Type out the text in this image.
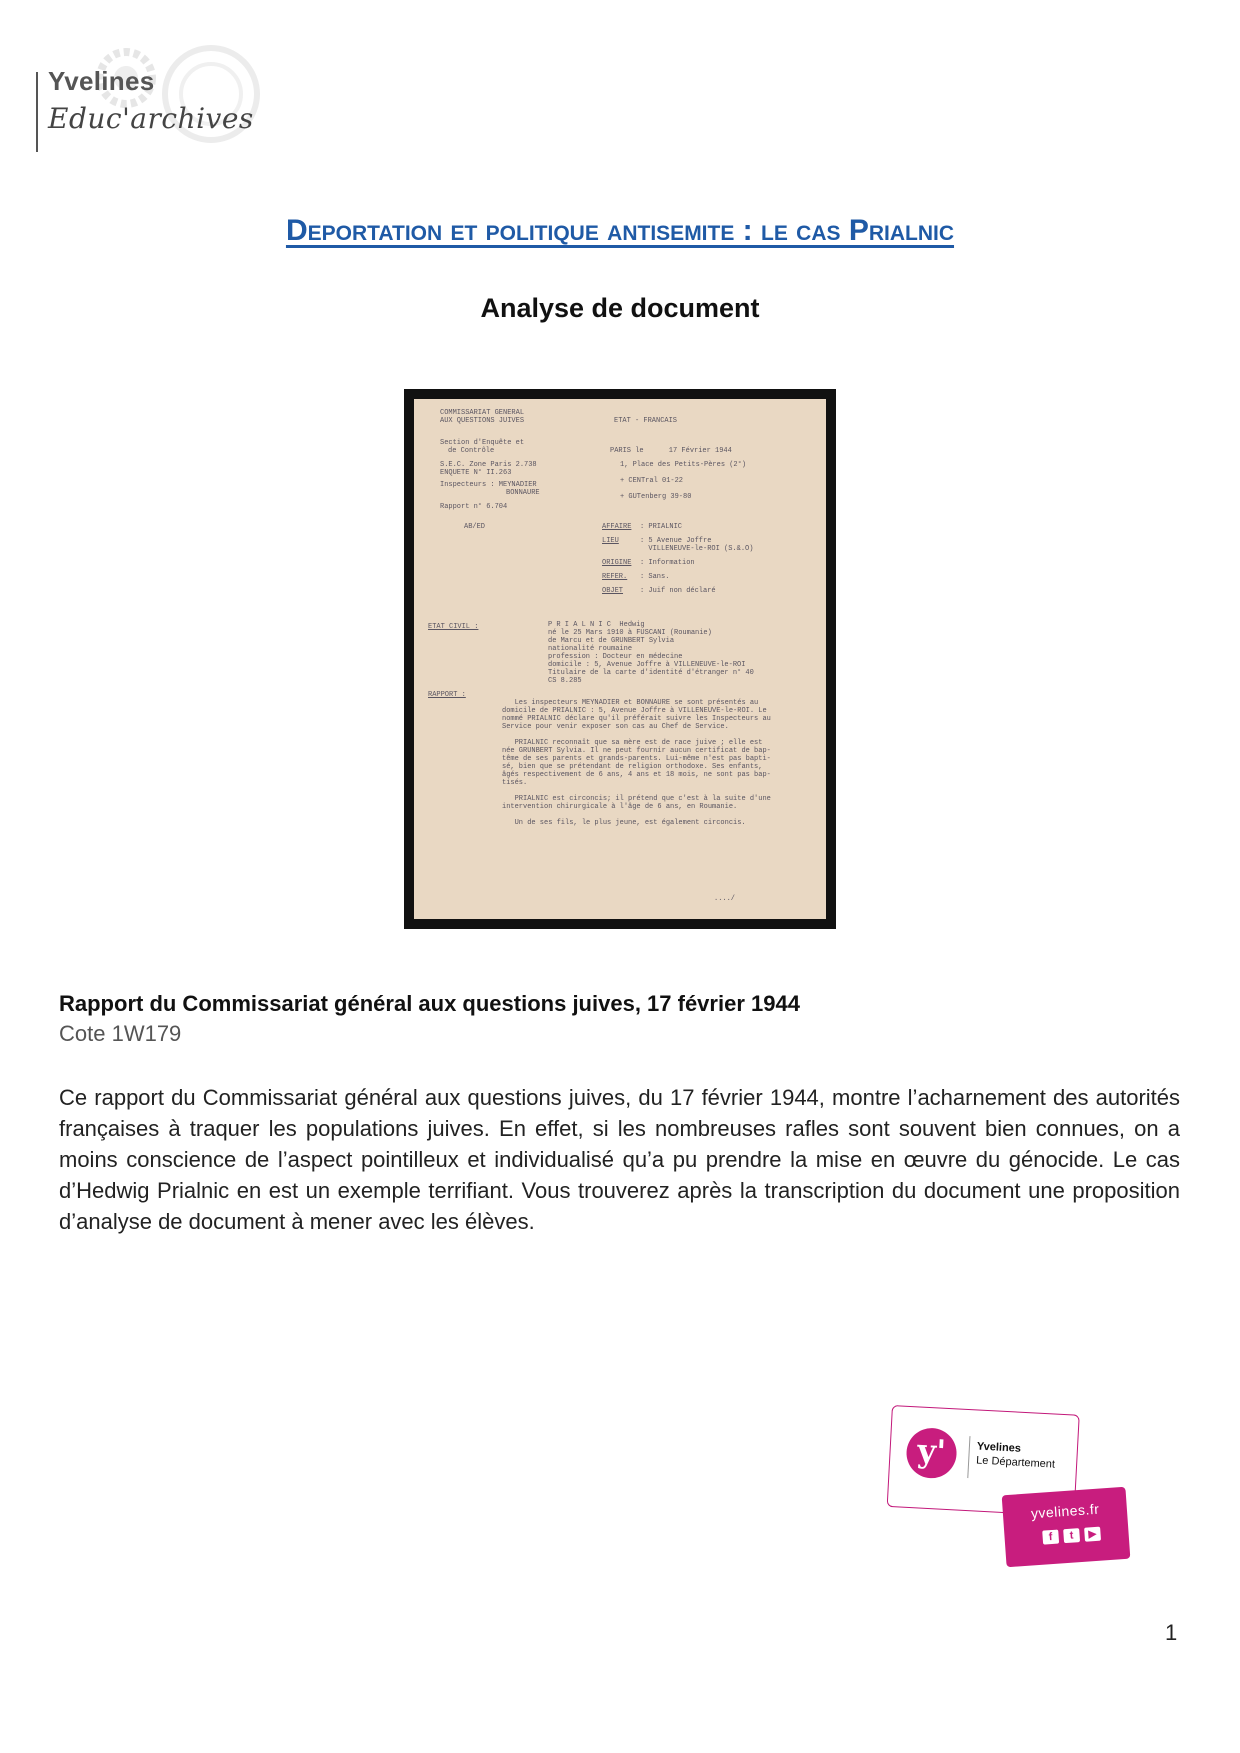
Yvelines
Educ'archives
Deportation et politique antisemite : le cas Prialnic
Analyse de document
COMMISSARIAT GENERAL
AUX QUESTIONS JUIVES
Section d'Enquête et
de Contrôle
S.E.C. Zone Paris 2.738
ENQUETE N° II.263
Inspecteurs : MEYNADIER
BONNAURE
Rapport n° 6.704
AB/ED
ETAT - FRANCAIS
PARIS le      17 Février 1944
1, Place des Petits-Pères (2°)
+ CENTral 01-22
+ GUTenberg 39-80
AFFAIRE : PRIALNIC
LIEU	: 5 Avenue Joffre
VILLENEUVE-le-ROI (S.&.O)
ORIGINE : Information
REFER. : Sans.
OBJET : Juif non déclaré
ETAT CIVIL :	P R I A L N I C  Hedwig
né le 25 Mars 1910 à FUSCANI (Roumanie)
de Marcu et de GRUNBERT Sylvia
nationalité roumaine
profession : Docteur en médecine
domicile : 5, Avenue Joffre à VILLENEUVE-le-ROI
Titulaire de la carte d'identité d'étranger n° 40
CS 8.285
RAPPORT :
Les inspecteurs MEYNADIER et BONNAURE se sont présentés au
domicile de PRIALNIC : 5, Avenue Joffre à VILLENEUVE-le-ROI. Le
nommé PRIALNIC déclare qu'il préférait suivre les Inspecteurs au
Service pour venir exposer son cas au Chef de Service.
PRIALNIC reconnaît que sa mère est de race juive ; elle est
née GRUNBERT Sylvia. Il ne peut fournir aucun certificat de bap-
tême de ses parents et grands-parents. Lui-même n'est pas bapti-
sé, bien que se prétendant de religion orthodoxe. Ses enfants,
âgés respectivement de 6 ans, 4 ans et 18 mois, ne sont pas bap-
tisés.
PRIALNIC est circoncis; il prétend que c'est à la suite d'une
intervention chirurgicale à l'âge de 6 ans, en Roumanie.
Un de ses fils, le plus jeune, est également circoncis.
..../
Rapport du Commissariat général aux questions juives, 17 février 1944
Cote 1W179
Ce rapport du Commissariat général aux questions juives, du 17 février 1944, montre l’acharnement des autorités françaises à traquer les populations juives. En effet, si les nombreuses rafles sont souvent bien connues, on a moins conscience de l’aspect pointilleux et individualisé qu’a pu prendre la mise en œuvre du génocide. Le cas d’Hedwig Prialnic en est un exemple terrifiant. Vous trouverez après la transcription du document une proposition d’analyse de document à mener avec les élèves.
y'	Yvelines
Le Département
yvelines.fr
f	t	▶
1
